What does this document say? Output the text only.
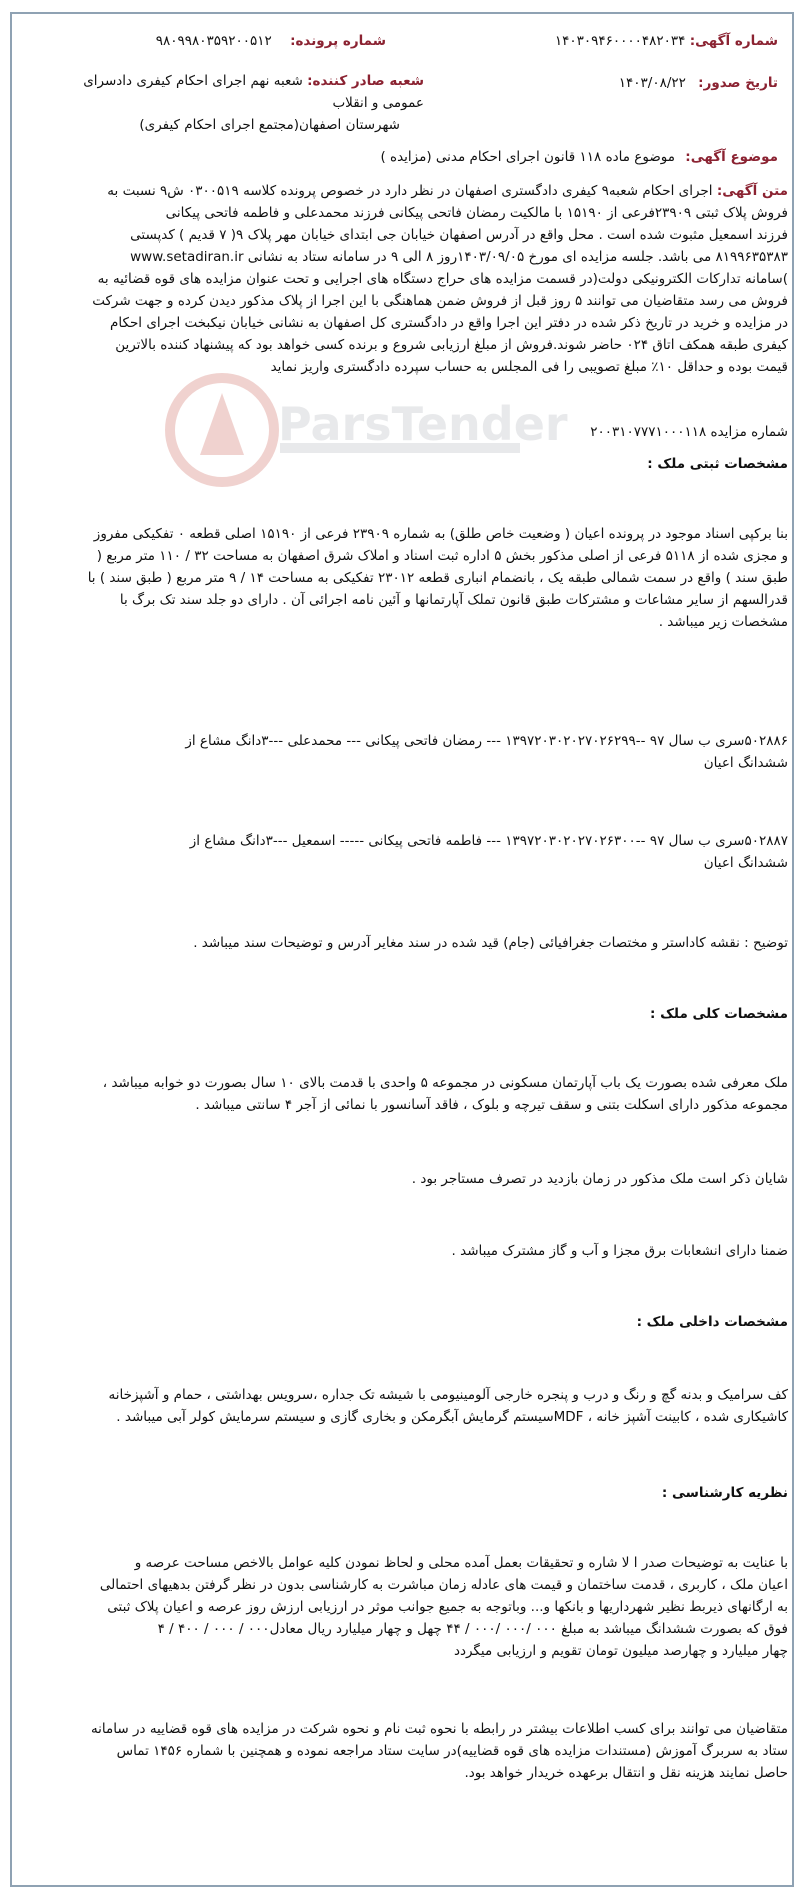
ParsTender
شماره آگهی: ۱۴۰۳۰۹۴۶۰۰۰۰۴۸۲۰۳۴
شماره پرونده: ۹۸۰۹۹۸۰۳۵۹۲۰۰۵۱۲
تاریخ صدور: ۱۴۰۳/۰۸/۲۲
شعبه صادر کننده: شعبه نهم اجرای احکام کیفری دادسرای عمومی و انقلاب
شهرستان اصفهان(مجتمع اجرای احکام کیفری)
موضوع آگهی: موضوع ماده ۱۱۸ قانون اجرای احکام مدنی (مزایده )

متن آگهی: اجرای احکام شعبه۹ کیفری دادگستری اصفهان در نظر دارد در خصوص پرونده کلاسه ۰۳۰۰۵۱۹ ش۹ نسبت به

فروش پلاک ثبتی ۲۳۹۰۹فرعی از ۱۵۱۹۰ با مالکیت رمضان فاتحی پیکانی فرزند محمدعلی و فاطمه فاتحی پیکانی

فرزند اسمعیل مثبوت شده است . محل واقع در آدرس اصفهان خیابان جی ابتدای خیابان مهر پلاک ۹( ۷ قدیم ) کدپستی

۸۱۹۹۶۳۵۳۸۳ می باشد. جلسه مزایده ای مورخ ۱۴۰۳/۰۹/۰۵روز ۸ الی ۹ در سامانه ستاد به نشانی www.setadiran.ir

)سامانه تدارکات الکترونیکی دولت(در قسمت مزایده های حراج دستگاه های اجرایی و تحت عنوان مزایده های قوه قضائیه به

فروش می رسد متقاضیان می توانند ۵ روز قبل از فروش ضمن هماهنگی با این اجرا از پلاک مذکور دیدن کرده و جهت شرکت

در مزایده و خرید در تاریخ ذکر شده در دفتر این اجرا واقع در دادگستری کل اصفهان به نشانی خیابان نیکبخت اجرای احکام

کیفری طبقه همکف اتاق ۰۲۴ حاضر شوند.فروش از مبلغ ارزیابی شروع و برنده کسی خواهد بود که پیشنهاد کننده بالاترین

قیمت بوده و حداقل ۱۰٪ مبلغ تصویبی را فی المجلس به حساب سپرده دادگستری واریز نماید

شماره مزایده ۲۰۰۳۱۰۷۷۷۱۰۰۰۱۱۸
مشخصات ثبتی ملک :

بنا برکپی اسناد موجود در پرونده اعیان ( وضعیت خاص طلق) به شماره ۲۳۹۰۹ فرعی از ۱۵۱۹۰ اصلی قطعه ۰ تفکیکی مفروز

و مجزی شده از ۵۱۱۸ فرعی از اصلی مذکور بخش ۵ اداره ثبت اسناد و املاک شرق اصفهان به مساحت ۳۲ / ۱۱۰ متر مربع (

طبق سند ) واقع در سمت شمالی طبقه یک ، بانضمام انباری قطعه ۲۳۰۱۲ تفکیکی به مساحت ۱۴ / ۹ متر مربع ( طبق سند ) با

قدرالسهم از سایر مشاعات و مشترکات طبق قانون تملک آپارتمانها و آئین نامه اجرائی آن . دارای دو جلد سند تک برگ با

مشخصات زیر میباشد .

۵۰۲۸۸۶سری ب سال ۹۷ --۱۳۹۷۲۰۳۰۲۰۲۷۰۲۶۲۹۹ --- رمضان فاتحی پیکانی --- محمدعلی ---۳دانگ مشاع از

ششدانگ اعیان

۵۰۲۸۸۷سری ب سال ۹۷ --۱۳۹۷۲۰۳۰۲۰۲۷۰۲۶۳۰۰ --- فاطمه فاتحی پیکانی ----- اسمعیل ---۳دانگ مشاع از

ششدانگ اعیان

توضیح : نقشه کاداستر و مختصات جغرافیائی (جام) قید شده در سند مغایر آدرس و توضیحات سند میباشد .
مشخصات کلی ملک :

ملک معرفی شده بصورت یک باب آپارتمان مسکونی در مجموعه ۵ واحدی با قدمت بالای ۱۰ سال بصورت دو خوابه میباشد ،

مجموعه مذکور دارای اسکلت بتنی و سقف تیرچه و بلوک ، فاقد آسانسور با نمائی از آجر ۴ سانتی میباشد .

شایان ذکر است ملک مذکور در زمان بازدید در تصرف مستاجر بود .
ضمنا دارای انشعابات برق مجزا و آب و گاز مشترک میباشد .
مشخصات داخلی ملک :

کف سرامیک و بدنه گچ و رنگ و درب و پنجره خارجی آلومینیومی با شیشه تک جداره ،سرویس بهداشتی ، حمام و آشپزخانه

کاشیکاری شده ، کابینت آشپز خانه ، MDFسیستم گرمایش آبگرمکن و بخاری گازی و سیستم سرمایش کولر آبی میباشد .

نظریه کارشناسی :

با عنایت به توضیحات صدر ا لا شاره و تحقیقات بعمل آمده محلی و لحاظ نمودن کلیه عوامل بالاخص مساحت عرصه و

اعیان ملک ، کاربری ، قدمت ساختمان و قیمت های عادله زمان مباشرت به کارشناسی بدون در نظر گرفتن بدهیهای احتمالی

به ارگانهای ذیربط نظیر شهرداریها و بانکها و... وباتوجه به جمیع جوانب موثر در ارزیابی ارزش روز عرصه و اعیان پلاک ثبتی

فوق که بصورت ششدانگ میباشد به مبلغ ۰۰۰ /۰۰۰ /۰۰۰ / ۴۴ چهل و چهار میلیارد ریال معادل۰۰۰ / ۰۰۰ / ۴۰۰ / ۴

چهار میلیارد و چهارصد میلیون تومان تقویم و ارزیابی میگردد

متقاضیان می توانند برای کسب اطلاعات بیشتر در رابطه با نحوه ثبت نام و نحوه شرکت در مزایده های قوه قضاییه در سامانه

ستاد به سربرگ آموزش (مستندات مزایده های قوه قضاییه)در سایت ستاد مراجعه نموده و همچنین با شماره ۱۴۵۶ تماس

حاصل نمایند هزینه نقل و انتقال برعهده خریدار خواهد بود.
